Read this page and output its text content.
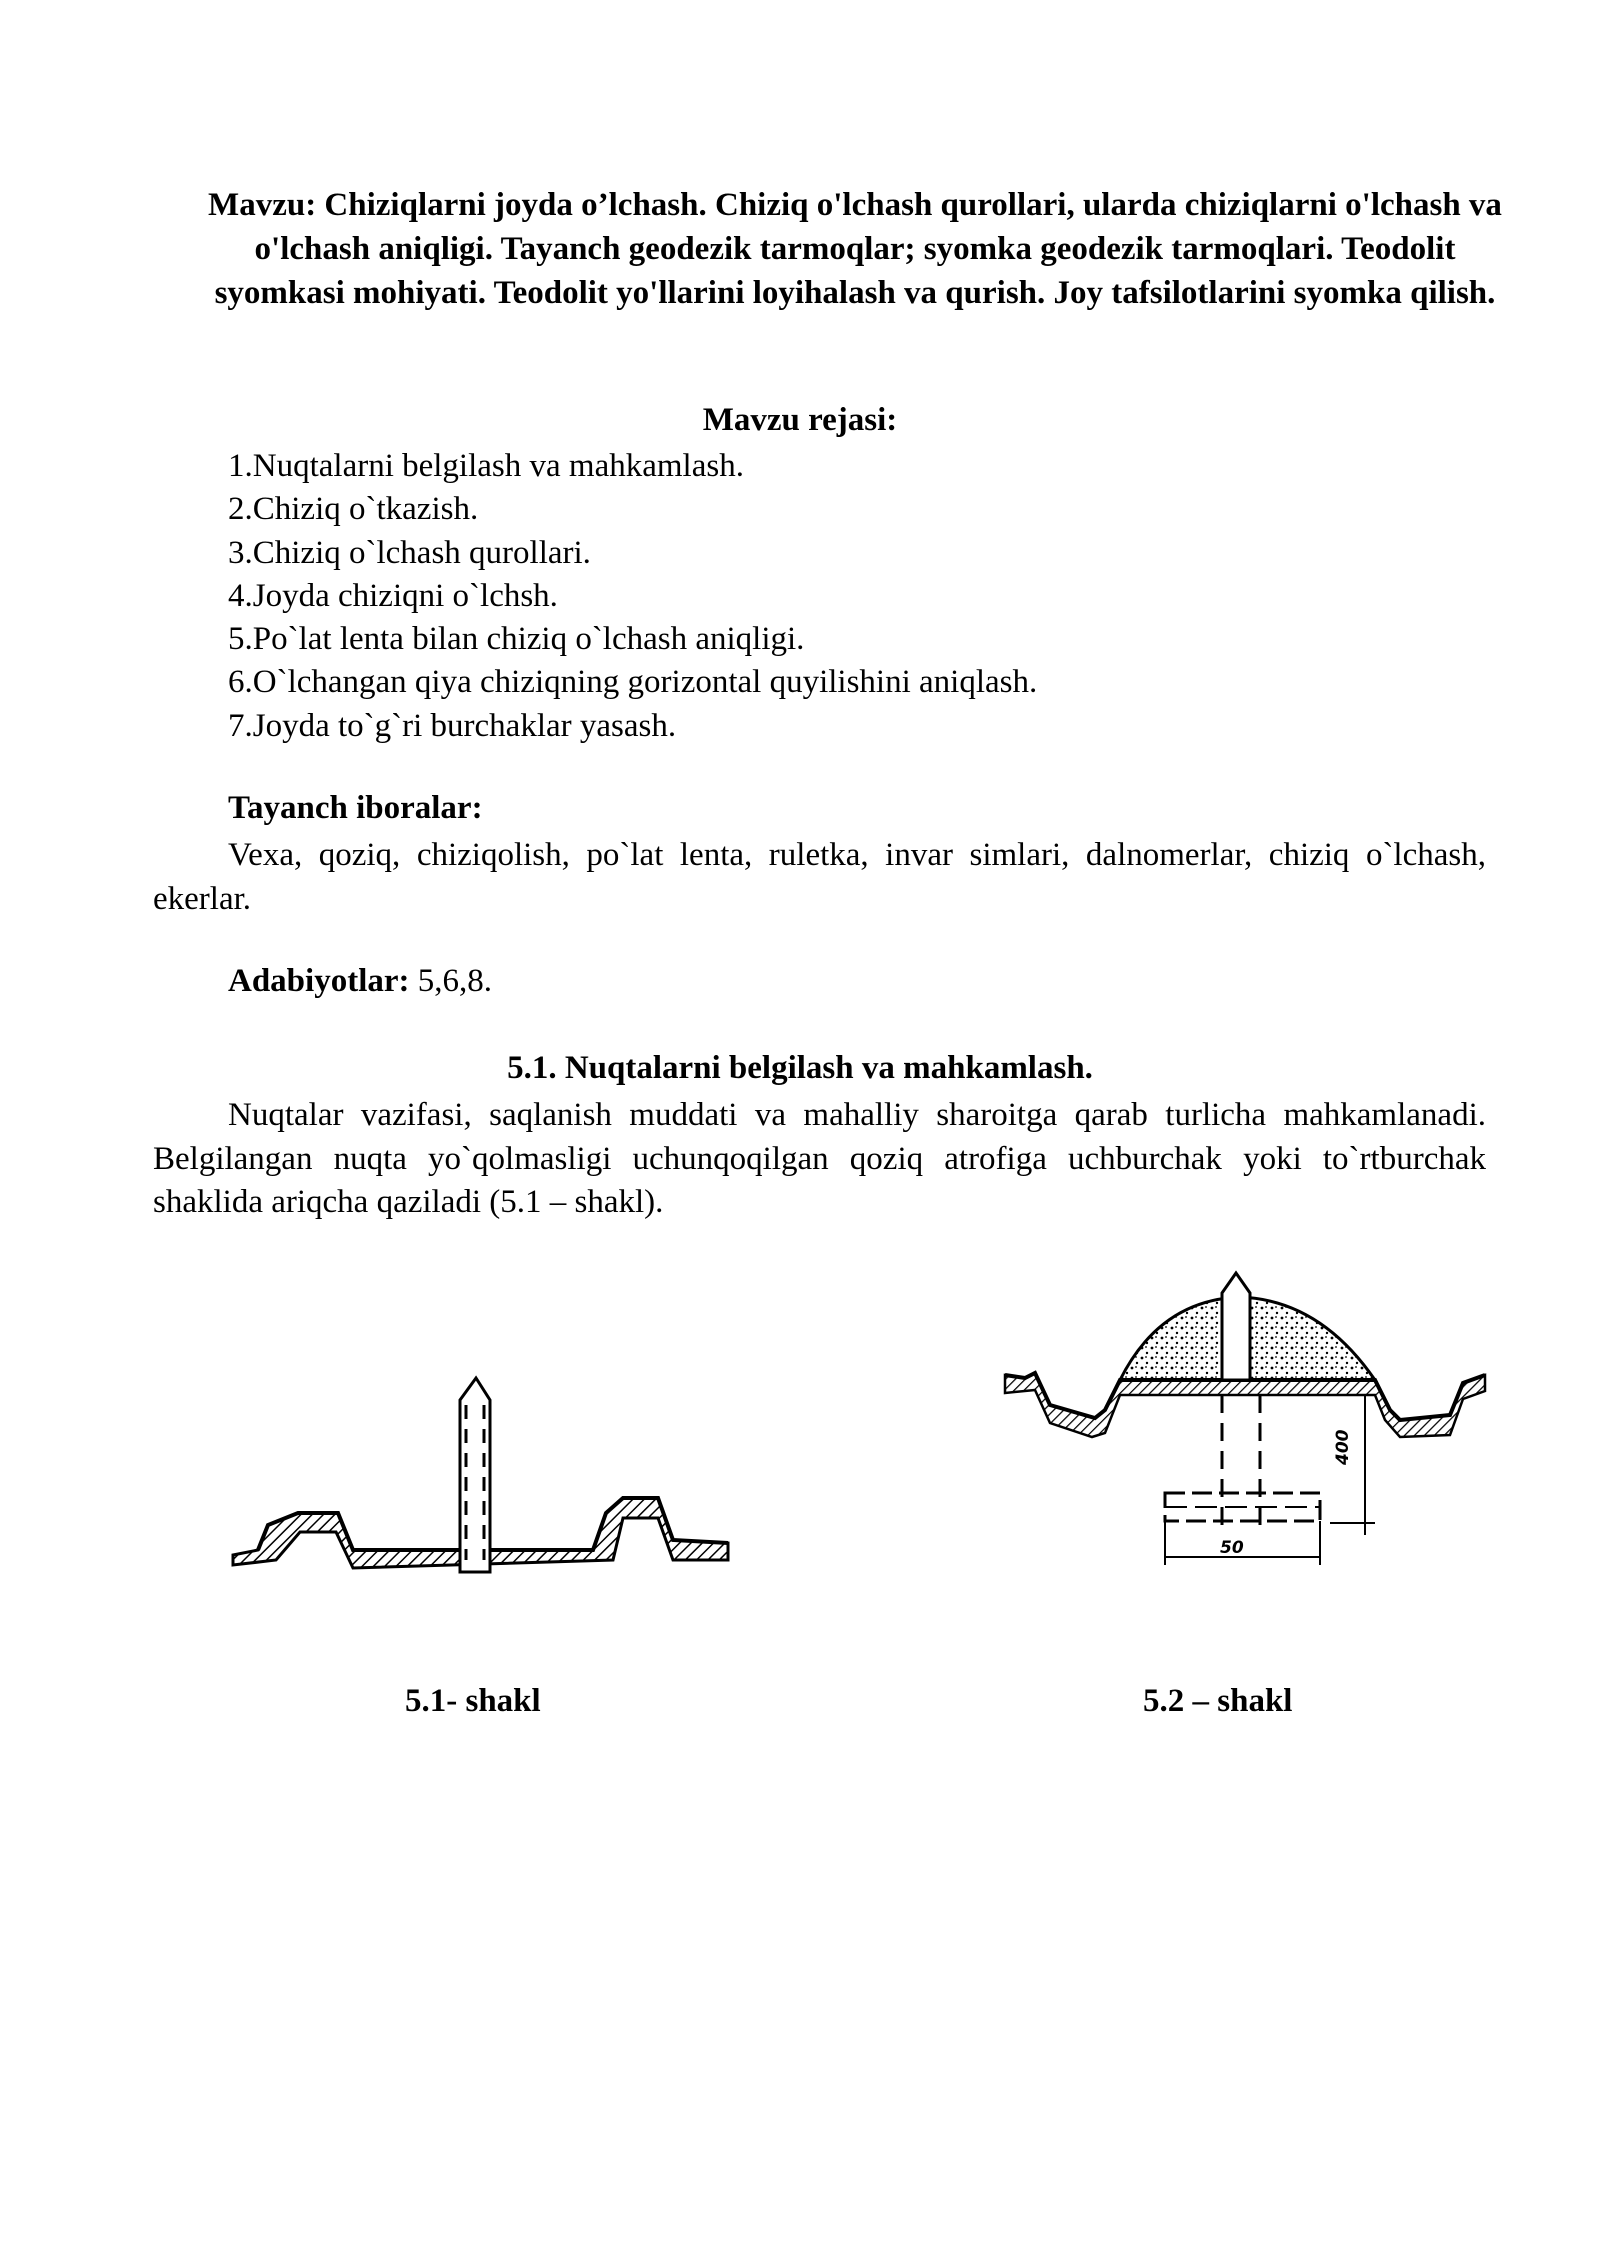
Mavzu: Chiziqlarni joyda o’lchash. Chiziq o'lchash qurollari, ularda chiziqlarni o'lchash va o'lchash aniqligi. Tayanch geodezik tarmoqlar; syomka geodezik tarmoqlari. Teodolit syomkasi mohiyati. Teodolit yo'llarini loyihalash va qurish. Joy tafsilotlarini syomka qilish.

Mavzu rejasi:

1.Nuqtalarni belgilash va mahkamlash.
2.Chiziq o`tkazish.
3.Chiziq o`lchash qurollari.
4.Joyda chiziqni o`lchsh.
5.Po`lat lenta bilan chiziq o`lchash aniqligi.
6.O`lchangan qiya chiziqning gorizontal quyilishini aniqlash.
7.Joyda to`g`ri burchaklar yasash.

Tayanch iboralar:

Vexa, qoziq, chiziqolish, po`lat lenta, ruletka, invar simlari, dalnomerlar, chiziq o`lchash, ekerlar.

Adabiyotlar: 5,6,8.

5.1. Nuqtalarni belgilash va mahkamlash.

Nuqtalar vazifasi, saqlanish muddati va mahalliy sharoitga qarab turlicha mahkamlanadi. Belgilangan nuqta yo`qolmasligi uchunqoqilgan qoziq atrofiga uchburchak yoki to`rtburchak shaklida ariqcha qaziladi (5.1 – shakl).

5.1- shakl

400
50

5.2 – shakl
